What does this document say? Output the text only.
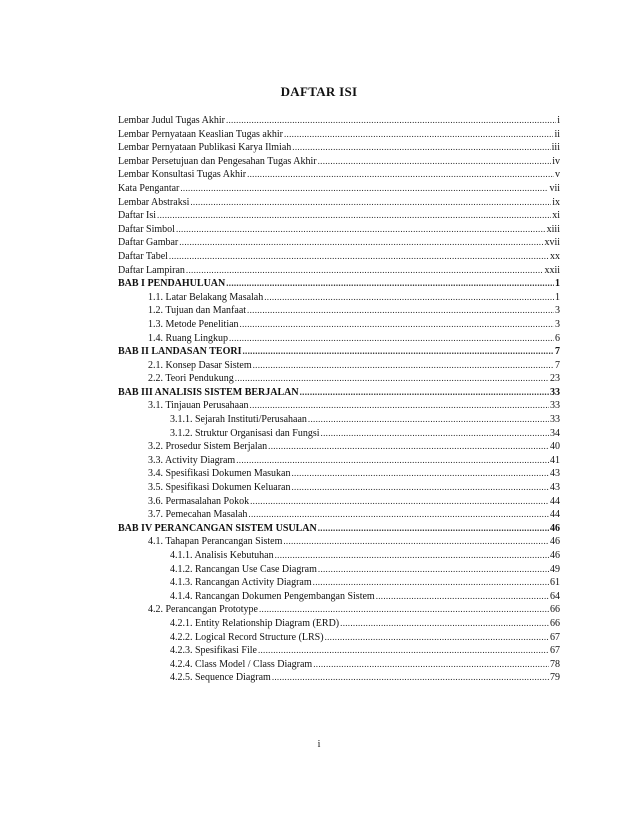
DAFTAR ISI
Lembar Judul Tugas Akhir .....	i
Lembar Pernyataan Keaslian Tugas akhir .....	ii
Lembar Pernyataan Publikasi Karya Ilmiah .....	iii
Lembar Persetujuan dan Pengesahan Tugas Akhir .....	iv
Lembar Konsultasi Tugas Akhir .....	v
Kata Pengantar .....	vii
Lembar Abstraksi .....	ix
Daftar Isi .....	xi
Daftar Simbol .....	xiii
Daftar Gambar .....	xvii
Daftar Tabel .....	xx
Daftar Lampiran .....	xxii
BAB I PENDAHULUAN .....	1
1.1. Latar Belakang Masalah .....	1
1.2. Tujuan dan Manfaat .....	3
1.3. Metode Penelitian .....	3
1.4. Ruang Lingkup .....	6
BAB II LANDASAN TEORI .....	7
2.1. Konsep Dasar Sistem .....	7
2.2. Teori Pendukung .....	23
BAB III ANALISIS SISTEM BERJALAN .....	33
3.1. Tinjauan Perusahaan .....	33
3.1.1. Sejarah Instituti/Perusahaan .....	33
3.1.2. Struktur Organisasi dan Fungsi .....	34
3.2. Prosedur Sistem Berjalan .....	40
3.3. Activity Diagram .....	41
3.4. Spesifikasi Dokumen Masukan .....	43
3.5. Spesifikasi Dokumen Keluaran .....	43
3.6. Permasalahan Pokok .....	44
3.7. Pemecahan Masalah .....	44
BAB IV PERANCANGAN SISTEM USULAN .....	46
4.1. Tahapan Perancangan Sistem .....	46
4.1.1. Analisis Kebutuhan .....	46
4.1.2. Rancangan Use Case Diagram .....	49
4.1.3. Rancangan Activity Diagram .....	61
4.1.4. Rancangan Dokumen Pengembangan Sistem .....	64
4.2. Perancangan Prototype .....	66
4.2.1. Entity Relationship Diagram (ERD) .....	66
4.2.2. Logical Record Structure (LRS) .....	67
4.2.3. Spesifikasi File .....	67
4.2.4. Class Model / Class Diagram .....	78
4.2.5. Sequence Diagram .....	79
i
